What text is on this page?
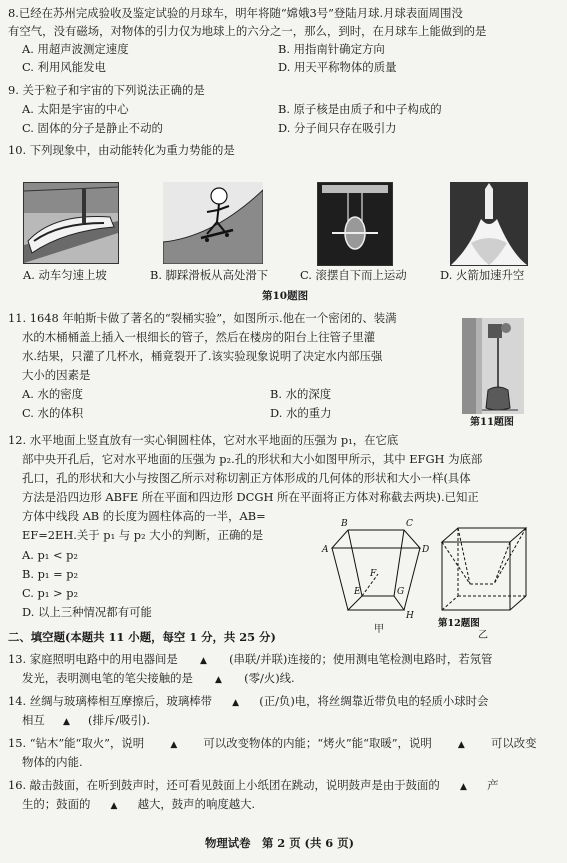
8.已经在苏州完成验收及鉴定试验的月球车，明年将随“嫦娥3号”登陆月球.月球表面周围没
有空气，没有磁场，对物体的引力仅为地球上的六分之一，那么，到时，在月球车上能做到的是
A. 用超声波测定速度	B. 用指南针确定方向
C. 利用风能发电	D. 用天平称物体的质量
9. 关于粒子和宇宙的下列说法正确的是
A. 太阳是宇宙的中心	B. 原子核是由质子和中子构成的
C. 固体的分子是静止不动的	D. 分子间只存在吸引力
10. 下列现象中，由动能转化为重力势能的是
A. 动车匀速上坡	B. 脚踩滑板从高处滑下	C. 滚摆自下而上运动	D. 火箭加速升空
第10题图
11. 1648 年帕斯卡做了著名的“裂桶实验”，如图所示.他在一个密闭的、装满
水的木桶桶盖上插入一根细长的管子，然后在楼房的阳台上往管子里灌
水.结果，只灌了几杯水，桶竟裂开了.该实验现象说明了决定水内部压强
大小的因素是
A. 水的密度	B. 水的深度
C. 水的体积	D. 水的重力
第11题图
12. 水平地面上竖直放有一实心铜圆柱体，它对水平地面的压强为 p₁，在它底
部中央开孔后，它对水平地面的压强为 p₂.孔的形状和大小如图甲所示，其中 EFGH 为底部
孔口，孔的形状和大小与按图乙所示对称切割正方体形成的几何体的形状和大小一样(具体
方法是沿四边形 ABFE 所在平面和四边形 DCGH 所在平面将正方体对称截去两块).已知正
方体中线段 AB 的长度为圆柱体高的一半，AB=
EF=2EH.关于 p₁ 与 p₂ 大小的判断，正确的是
A. p₁ < p₂
B. p₁ = p₂
C. p₁ > p₂
D. 以上三种情况都有可能
B	C
A	D
F
G
E
H
甲
乙
第12题图
二、填空题(本题共 11 小题，每空 1 分，共 25 分)
13. 家庭照明电路中的用电器间是 ▲ (串联/并联)连接的；使用测电笔检测电路时，若氖管
发光，表明测电笔的笔尖接触的是 ▲ (零/火)线.
14. 丝绸与玻璃棒相互摩擦后，玻璃棒带 ▲ (正/负)电，将丝绸靠近带负电的轻质小球时会
相互 ▲ (排斥/吸引).
15. “钻木”能“取火”，说明	▲ 可以改变物体的内能；“烤火”能“取暖”，说明	▲ 可以改变
物体的内能.
16. 敲击鼓面，在听到鼓声时，还可看见鼓面上小纸团在跳动，说明鼓声是由于鼓面的 ▲ 产
生的；鼓面的 ▲ 越大，鼓声的响度越大.
物理试卷　第 2 页 (共 6 页)
